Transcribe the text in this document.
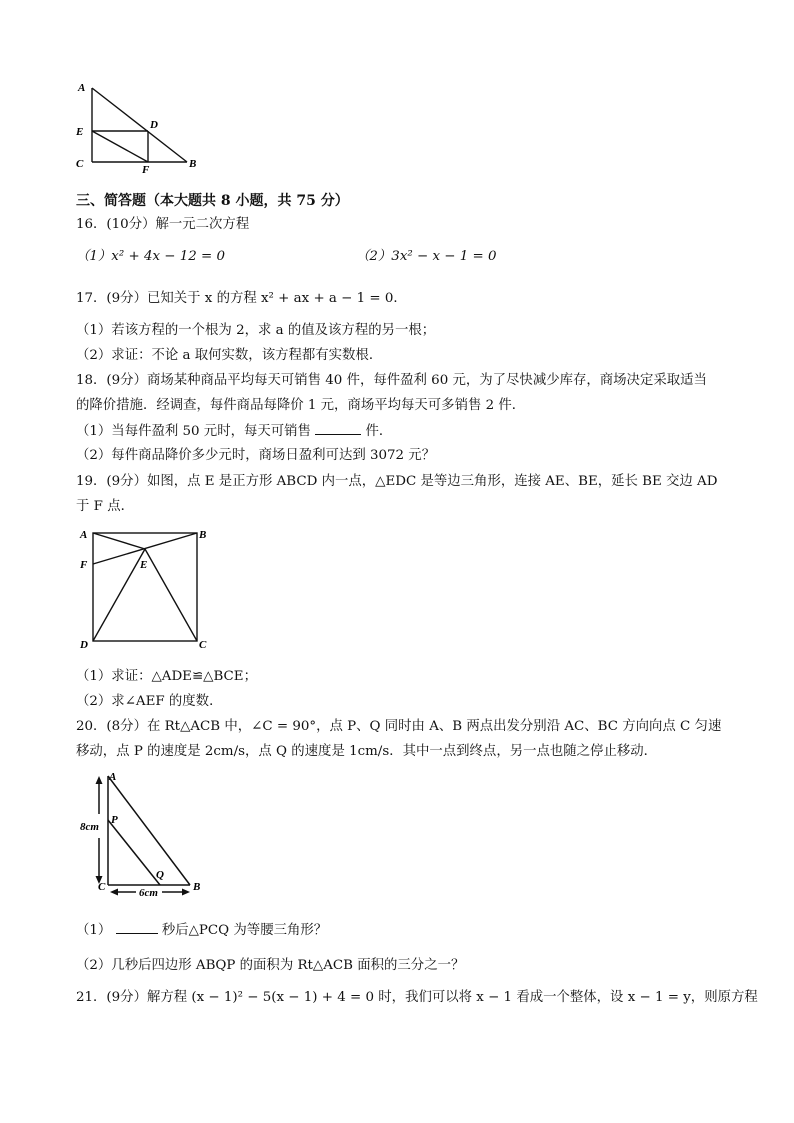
A
E
D
C	F	B
三、简答题（本大题共 8 小题，共 75 分）
16．(10分）解一元二次方程
（1）x² + 4x − 12 = 0	（2）3x² − x − 1 = 0
17．(9分）已知关于 x 的方程 x² + ax + a − 1 = 0．
（1）若该方程的一个根为 2，求 a 的值及该方程的另一根；
（2）求证：不论 a 取何实数，该方程都有实数根．
18．(9分）商场某种商品平均每天可销售 40 件，每件盈利 60 元，为了尽快减少库存，商场决定采取适当
的降价措施．经调查，每件商品每降价 1 元，商场平均每天可多销售 2 件．
（1）当每件盈利 50 元时，每天可销售	件．
（2）每件商品降价多少元时，商场日盈利可达到 3072 元？
19．(9分）如图，点 E 是正方形 ABCD 内一点，△EDC 是等边三角形，连接 AE、BE，延长 BE 交边 AD
于 F 点．
A	B
F	E
D	C
（1）求证：△ADE≌△BCE；
（2）求∠AEF 的度数．
20．(8分）在 Rt△ACB 中，∠C = 90°，点 P、Q 同时由 A、B 两点出发分别沿 AC、BC 方向向点 C 匀速
移动，点 P 的速度是 2cm/s，点 Q 的速度是 1cm/s．其中一点到终点，另一点也随之停止移动．
A
P
Q
C	B
8cm
6cm
（1）	秒后△PCQ 为等腰三角形？
（2）几秒后四边形 ABQP 的面积为 Rt△ACB 面积的三分之一？
21．(9分）解方程 (x − 1)² − 5(x − 1) + 4 = 0 时，我们可以将 x − 1 看成一个整体，设 x − 1 = y，则原方程
